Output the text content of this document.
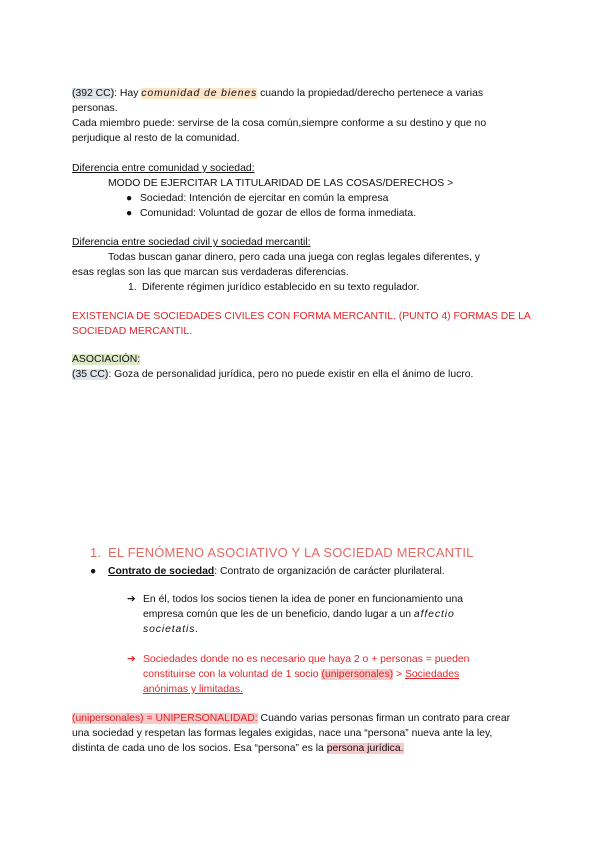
(392 CC): Hay comunidad de bienes cuando la propiedad/derecho pertenece a varias
personas.
Cada miembro puede: servirse de la cosa común,siempre conforme a su destino y que no
perjudique al resto de la comunidad.
Diferencia entre comunidad y sociedad:
MODO DE EJERCITAR LA TITULARIDAD DE LAS COSAS/DERECHOS >
● Sociedad: Intención de ejercitar en común la empresa
● Comunidad: Voluntad de gozar de ellos de forma inmediata.
Diferencia entre sociedad civil y sociedad mercantil:
Todas buscan ganar dinero, pero cada una juega con reglas legales diferentes, y
esas reglas son las que marcan sus verdaderas diferencias.
1. Diferente régimen jurídico establecido en su texto regulador.
EXISTENCIA DE SOCIEDADES CIVILES CON FORMA MERCANTIL. (PUNTO 4) FORMAS DE LA
SOCIEDAD MERCANTIL.
ASOCIACIÓN:
(35 CC): Goza de personalidad jurídica, pero no puede existir en ella el ánimo de lucro.
1. EL FENÓMENO ASOCIATIVO Y LA SOCIEDAD MERCANTIL
● Contrato de sociedad: Contrato de organización de carácter plurilateral.
➔ En él, todos los socios tienen la idea de poner en funcionamiento una
empresa común que les de un beneficio, dando lugar a un affectio
societatis.
➔ Sociedades donde no es necesario que haya 2 o + personas = pueden
constituirse con la voluntad de 1 socio (unipersonales) > Sociedades
anónimas y limitadas.
(unipersonales) = UNIPERSONALIDAD: Cuando varias personas firman un contrato para crear
una sociedad y respetan las formas legales exigidas, nace una “persona” nueva ante la ley,
distinta de cada uno de los socios. Esa “persona” es la persona jurídica.
